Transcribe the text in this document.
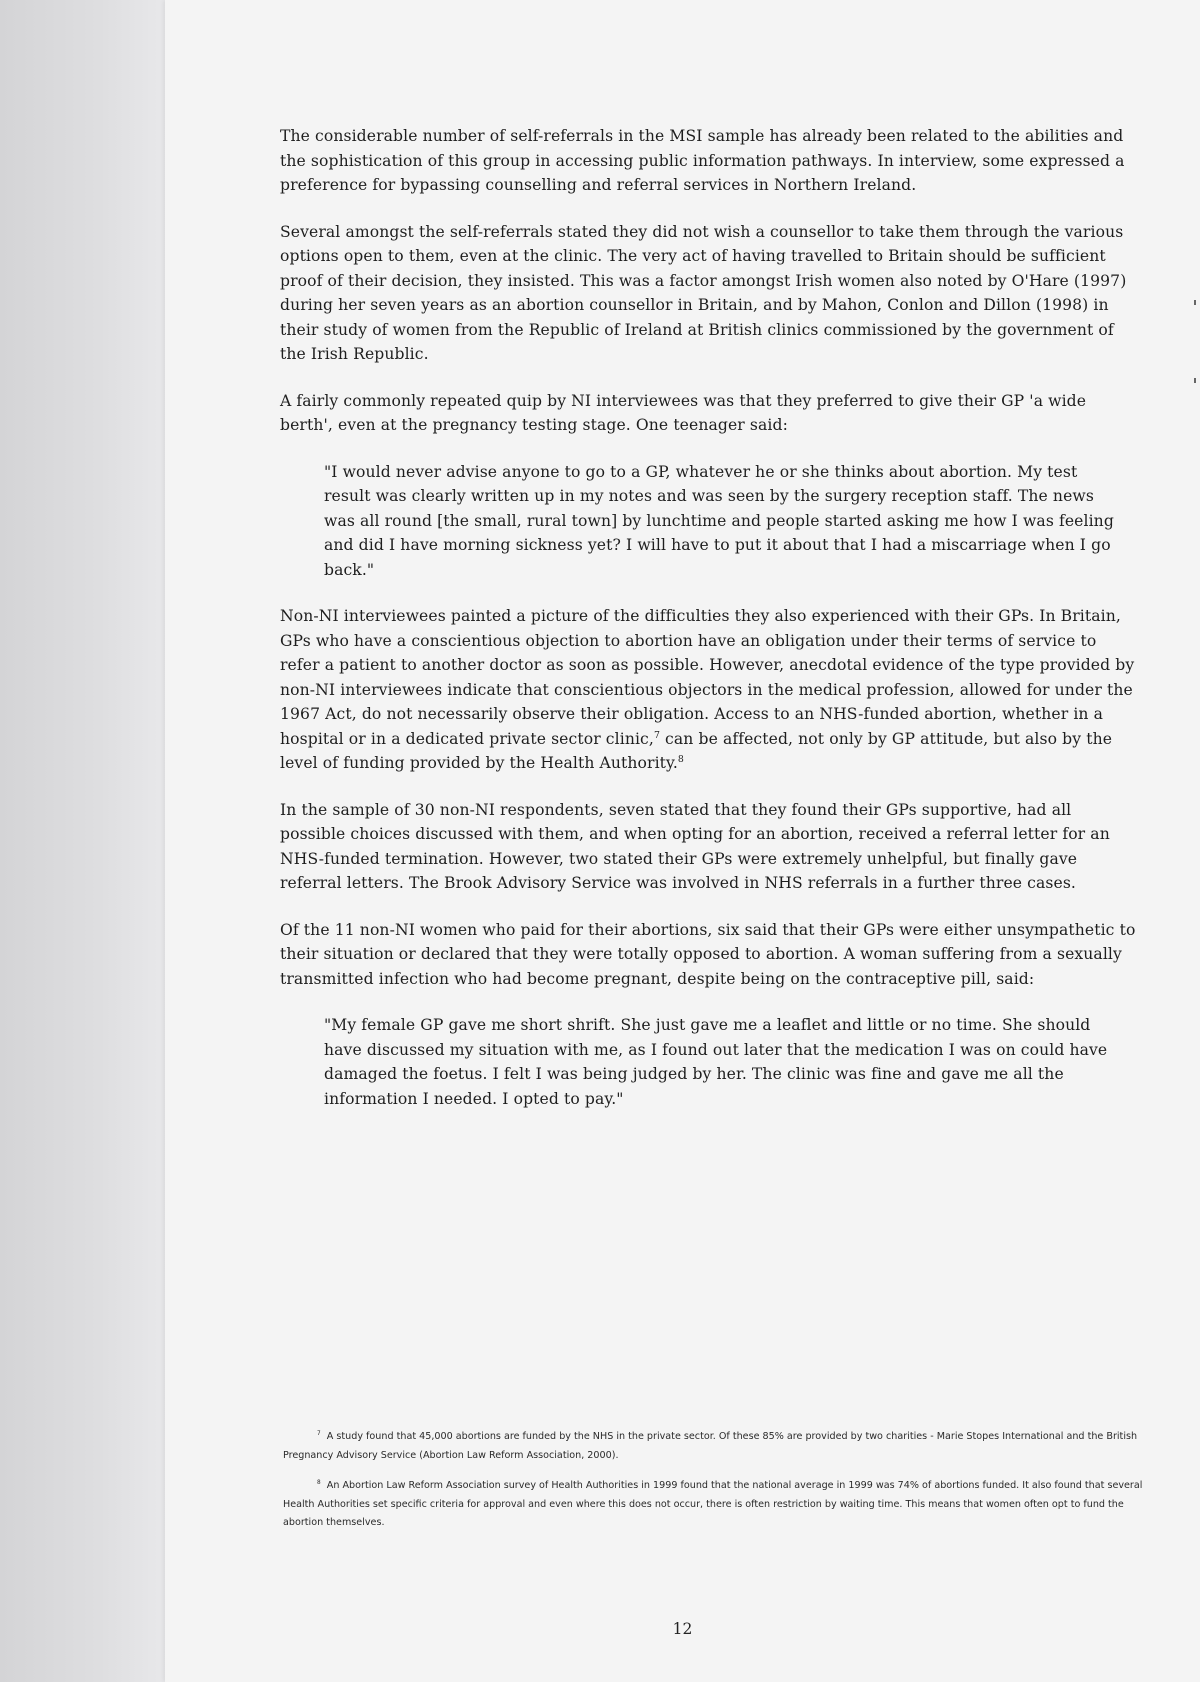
The considerable number of self-referrals in the MSI sample has already been related to the abilities and the sophistication of this group in accessing public information pathways. In interview, some expressed a preference for bypassing counselling and referral services in Northern Ireland.

Several amongst the self-referrals stated they did not wish a counsellor to take them through the various options open to them, even at the clinic. The very act of having travelled to Britain should be sufficient proof of their decision, they insisted. This was a factor amongst Irish women also noted by O'Hare (1997) during her seven years as an abortion counsellor in Britain, and by Mahon, Conlon and Dillon (1998) in their study of women from the Republic of Ireland at British clinics commissioned by the government of the Irish Republic.

A fairly commonly repeated quip by NI interviewees was that they preferred to give their GP 'a wide berth', even at the pregnancy testing stage. One teenager said:

"I would never advise anyone to go to a GP, whatever he or she thinks about abortion. My test result was clearly written up in my notes and was seen by the surgery reception staff. The news was all round [the small, rural town] by lunchtime and people started asking me how I was feeling and did I have morning sickness yet? I will have to put it about that I had a miscarriage when I go back."

Non-NI interviewees painted a picture of the difficulties they also experienced with their GPs. In Britain, GPs who have a conscientious objection to abortion have an obligation under their terms of service to refer a patient to another doctor as soon as possible. However, anecdotal evidence of the type provided by non-NI interviewees indicate that conscientious objectors in the medical profession, allowed for under the 1967 Act, do not necessarily observe their obligation. Access to an NHS-funded abortion, whether in a hospital or in a dedicated private sector clinic,$^7$ can be affected, not only by GP attitude, but also by the level of funding provided by the Health Authority.$^8$

In the sample of 30 non-NI respondents, seven stated that they found their GPs supportive, had all possible choices discussed with them, and when opting for an abortion, received a referral letter for an NHS-funded termination. However, two stated their GPs were extremely unhelpful, but finally gave referral letters. The Brook Advisory Service was involved in NHS referrals in a further three cases.

Of the 11 non-NI women who paid for their abortions, six said that their GPs were either unsympathetic to their situation or declared that they were totally opposed to abortion. A woman suffering from a sexually transmitted infection who had become pregnant, despite being on the contraceptive pill, said:

"My female GP gave me short shrift. She just gave me a leaflet and little or no time. She should have discussed my situation with me, as I found out later that the medication I was on could have damaged the foetus. I felt I was being judged by her. The clinic was fine and gave me all the information I needed. I opted to pay."

$^7$ A study found that 45,000 abortions are funded by the NHS in the private sector. Of these 85% are provided by two charities - Marie Stopes International and the British Pregnancy Advisory Service (Abortion Law Reform Association, 2000).

$^8$ An Abortion Law Reform Association survey of Health Authorities in 1999 found that the national average in 1999 was 74% of abortions funded. It also found that several Health Authorities set specific criteria for approval and even where this does not occur, there is often restriction by waiting time. This means that women often opt to fund the abortion themselves.

12
